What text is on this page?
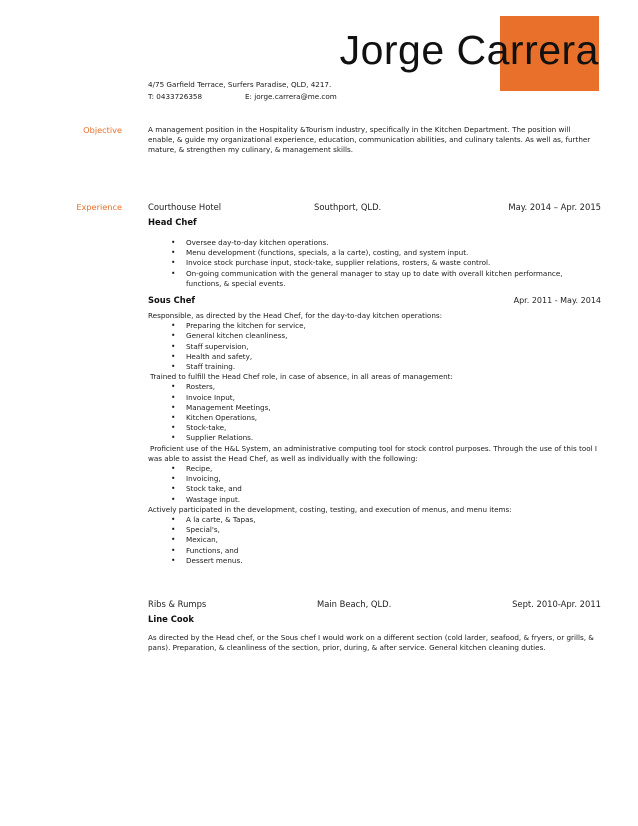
Jorge Carrera
4/75 Garfield Terrace, Surfers Paradise, QLD, 4217.
T: 0433726358	E: jorge.carrera@me.com
Objective	A management position in the Hospitality &Tourism industry, specifically in the Kitchen Department. The position will enable, & guide my organizational experience, education, communication abilities, and culinary talents. As well as, further mature, & strengthen my culinary, & management skills.
Experience	Courthouse Hotel	Southport, QLD.	May. 2014 – Apr. 2015
Head Chef
• Oversee day-to-day kitchen operations.
• Menu development (functions, specials, a la carte), costing, and system input.
• Invoice stock purchase input, stock-take, supplier relations, rosters, & waste control.
• On-going communication with the general manager to stay up to date with overall kitchen performance, functions, & special events.
Sous Chef	Apr. 2011 - May. 2014
Responsible, as directed by the Head Chef, for the day-to-day kitchen operations:
• Preparing the kitchen for service,
• General kitchen cleanliness,
• Staff supervision,
• Health and safety,
• Staff training.
Trained to fulfill the Head Chef role, in case of absence, in all areas of management:
• Rosters,
• Invoice Input,
• Management Meetings,
• Kitchen Operations,
• Stock-take,
• Supplier Relations.
Proficient use of the H&L System, an administrative computing tool for stock control purposes. Through the use of this tool I was able to assist the Head Chef, as well as individually with the following:
• Recipe,
• Invoicing,
• Stock take, and
• Wastage input.
Actively participated in the development, costing, testing, and execution of menus, and menu items:
• A la carte, & Tapas,
• Special's,
• Mexican,
• Functions, and
• Dessert menus.
Ribs & Rumps	Main Beach, QLD.	Sept. 2010-Apr. 2011
Line Cook
As directed by the Head chef, or the Sous chef I would work on a different section (cold larder, seafood, & fryers, or grills, & pans). Preparation, & cleanliness of the section, prior, during, & after service. General kitchen cleaning duties.
